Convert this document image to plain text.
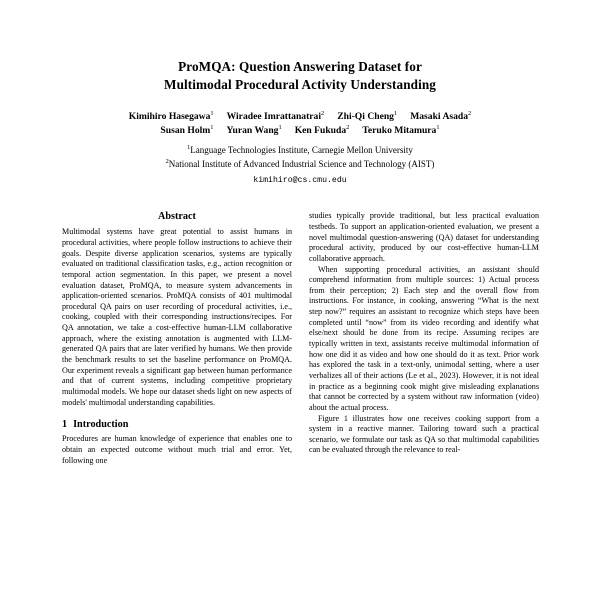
ProMQA: Question Answering Dataset for
Multimodal Procedural Activity Understanding
Kimihiro Hasegawa$^1$ Wiradee Imrattanatrai$^2$ Zhi-Qi Cheng$^1$ Masaki Asada$^2$
Susan Holm$^1$ Yuran Wang$^1$ Ken Fukuda$^2$ Teruko Mitamura$^1$
$^1$Language Technologies Institute, Carnegie Mellon University
$^2$National Institute of Advanced Industrial Science and Technology (AIST)
kimihiro@cs.cmu.edu
Abstract

Multimodal systems have great potential to assist humans in procedural activities, where people follow instructions to achieve their goals. Despite diverse application scenarios, systems are typically evaluated on traditional classification tasks, e.g., action recognition or temporal action segmentation. In this paper, we present a novel evaluation dataset, ProMQA, to measure system advancements in application-oriented scenarios. ProMQA consists of 401 multimodal procedural QA pairs on user recording of procedural activities, i.e., cooking, coupled with their corresponding instructions/recipes. For QA annotation, we take a cost-effective human-LLM collaborative approach, where the existing annotation is augmented with LLM-generated QA pairs that are later verified by humans. We then provide the benchmark results to set the baseline performance on ProMQA. Our experiment reveals a significant gap between human performance and that of current systems, including competitive proprietary multimodal models. We hope our dataset sheds light on new aspects of models' multimodal understanding capabilities.

1 Introduction

Procedures are human knowledge of experience that enables one to obtain an expected outcome without much trial and error. Yet, following one

studies typically provide traditional, but less practical evaluation testbeds. To support an application-oriented evaluation, we present a novel multimodal question-answering (QA) dataset for understanding procedural activity, produced by our cost-effective human-LLM collaborative approach.

When supporting procedural activities, an assistant should comprehend information from multiple sources: 1) Actual process from their perception; 2) Each step and the overall flow from instructions. For instance, in cooking, answering “What is the next step now?” requires an assistant to recognize which steps have been completed until “now” from its video recording and identify what else/next should be done from its recipe. Assuming recipes are typically written in text, assistants receive multimodal information of how one did it as video and how one should do it as text. Prior work has explored the task in a text-only, unimodal setting, where a user verbalizes all of their actions (Le et al., 2023). However, it is not ideal in practice as a beginning cook might give misleading explanations that cannot be corrected by a system without raw information (video) about the actual process.

Figure 1 illustrates how one receives cooking support from a system in a reactive manner. Tailoring toward such a practical scenario, we formulate our task as QA so that multimodal capabilities can be evaluated through the relevance to real-
